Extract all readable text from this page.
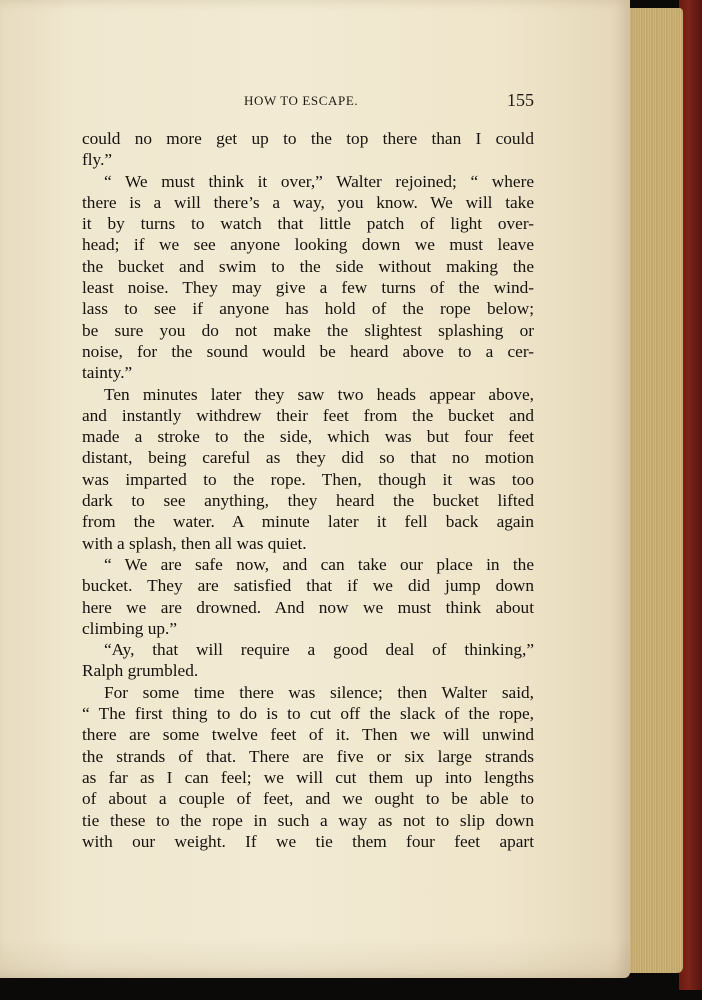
HOW TO ESCAPE.	155
could no more get up to the top there than I could
fly.”
“ We must think it over,” Walter rejoined; “ where
there is a will there’s a way, you know. We will take
it by turns to watch that little patch of light over-
head; if we see anyone looking down we must leave
the bucket and swim to the side without making the
least noise. They may give a few turns of the wind-
lass to see if anyone has hold of the rope below;
be sure you do not make the slightest splashing or
noise, for the sound would be heard above to a cer-
tainty.”
Ten minutes later they saw two heads appear above,
and instantly withdrew their feet from the bucket and
made a stroke to the side, which was but four feet
distant, being careful as they did so that no motion
was imparted to the rope. Then, though it was too
dark to see anything, they heard the bucket lifted
from the water. A minute later it fell back again
with a splash, then all was quiet.
“ We are safe now, and can take our place in the
bucket. They are satisfied that if we did jump down
here we are drowned. And now we must think about
climbing up.”
“Ay, that will require a good deal of thinking,”
Ralph grumbled.
For some time there was silence; then Walter said,
“ The first thing to do is to cut off the slack of the rope,
there are some twelve feet of it. Then we will unwind
the strands of that. There are five or six large strands
as far as I can feel; we will cut them up into lengths
of about a couple of feet, and we ought to be able to
tie these to the rope in such a way as not to slip down
with our weight. If we tie them four feet apart
